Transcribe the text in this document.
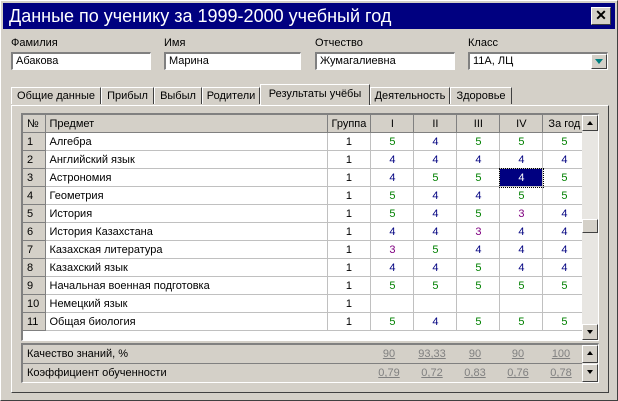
Данные по ученику за 1999-2000 учебный год	✕
Фамилия
Абакова
Имя
Марина
Отчество
Жумагалиевна
Класс
11А, ЛЦ
Общие данные	Прибыл	Выбыл Родители	Результаты учёбы	Деятельность	Здоровье
№	Предмет	Группа	I	II	III	IV	За год
1	Алгебра	1	5	4	5	5	5
2	Английский язык	1	4	4	4	4	4
3	Астрономия	1	4	5	5	4	5
4	Геометрия	1	5	4	4	5	5
5	История	1	5	4	5	3	4
6	История Казахстана	1	4	4	3	4	4
7	Казахская литература	1	3	5	4	4	4
8	Казахский язык	1	4	4	5	4	4
9	Начальная военная подготовка	1	5	5	5	5	5
10	Немецкий язык	1					
11	Общая биология	1	5	4	5	5	5
Качество знаний, %	90	93,33	90	90	100
Коэффициент обученности	0,79	0,72	0,83	0,76	0,78
